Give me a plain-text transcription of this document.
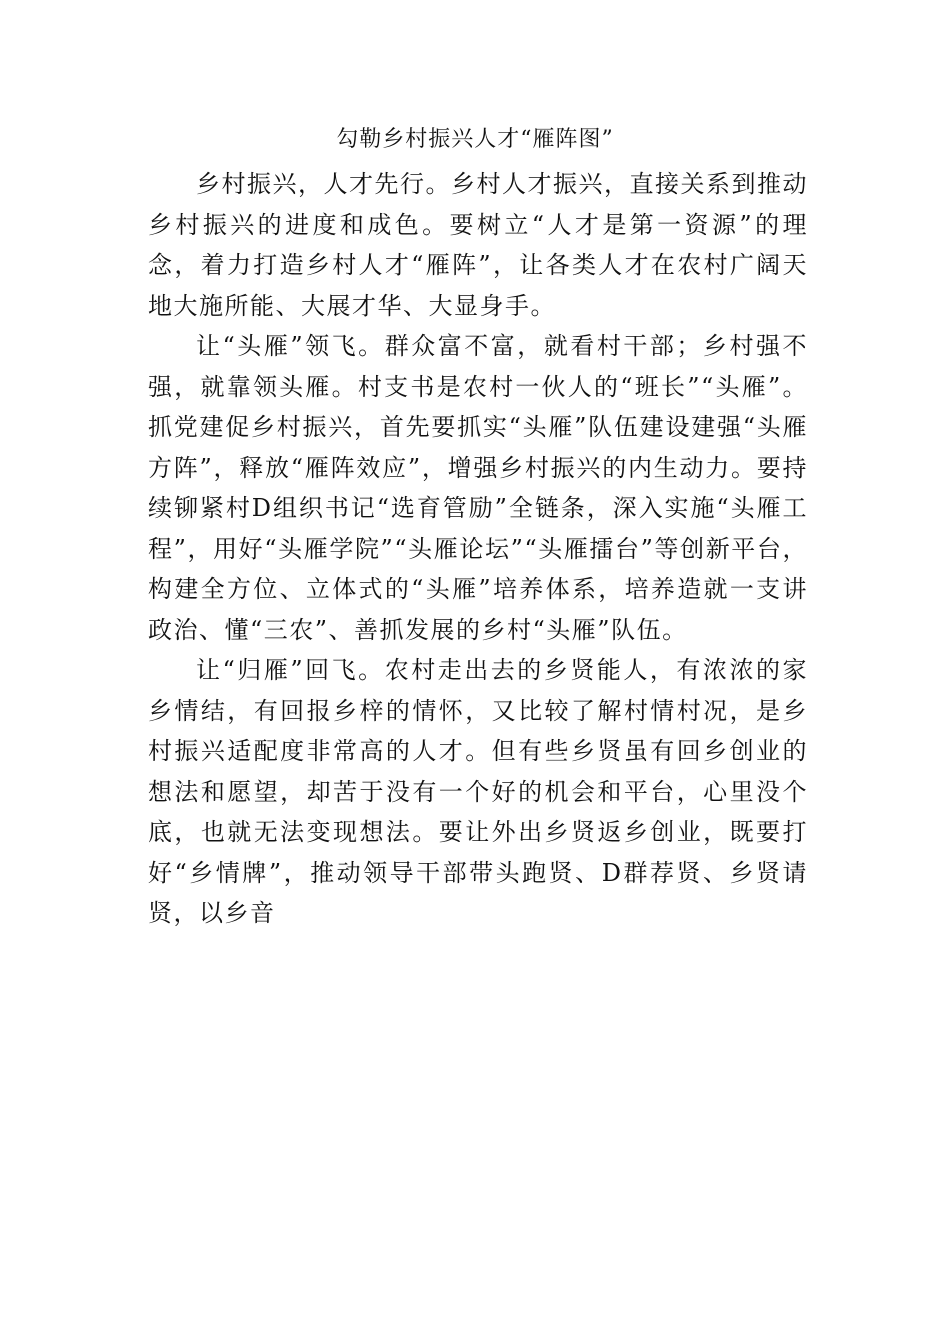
勾勒乡村振兴人才“雁阵图”

乡村振兴，人才先行。乡村人才振兴，直接关系到推动乡村振兴的进度和成色。要树立“人才是第一资源”的理念，着力打造乡村人才“雁阵”，让各类人才在农村广阔天地大施所能、大展才华、大显身手。

让“头雁”领飞。群众富不富，就看村干部；乡村强不强，就靠领头雁。村支书是农村一伙人的“班长”“头雁”。抓党建促乡村振兴，首先要抓实“头雁”队伍建设建强“头雁方阵”，释放“雁阵效应”，增强乡村振兴的内生动力。要持续铆紧村D组织书记“选育管励”全链条，深入实施“头雁工程”，用好“头雁学院”“头雁论坛”“头雁擂台”等创新平台，构建全方位、立体式的“头雁”培养体系，培养造就一支讲政治、懂“三农”、善抓发展的乡村“头雁”队伍。

让“归雁”回飞。农村走出去的乡贤能人，有浓浓的家乡情结，有回报乡梓的情怀，又比较了解村情村况，是乡村振兴适配度非常高的人才。但有些乡贤虽有回乡创业的想法和愿望，却苦于没有一个好的机会和平台，心里没个底，也就无法变现想法。要让外出乡贤返乡创业，既要打好“乡情牌”，推动领导干部带头跑贤、D群荐贤、乡贤请贤，以乡音
